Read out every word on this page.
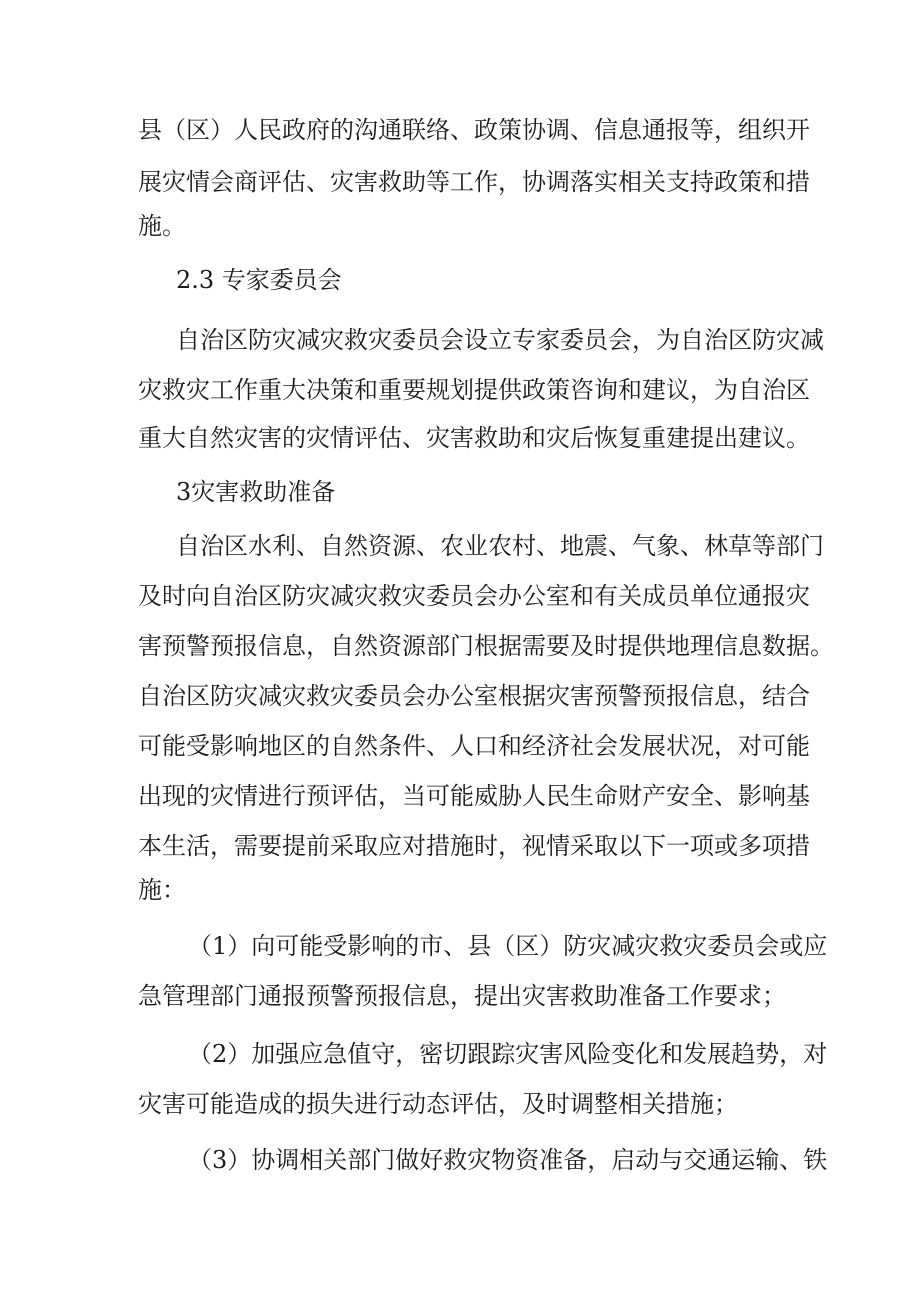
县（区）人民政府的沟通联络、政策协调、信息通报等，组织开
展灾情会商评估、灾害救助等工作，协调落实相关支持政策和措
施。
2.3 专家委员会
自治区防灾减灾救灾委员会设立专家委员会，为自治区防灾减
灾救灾工作重大决策和重要规划提供政策咨询和建议，为自治区
重大自然灾害的灾情评估、灾害救助和灾后恢复重建提出建议。
3灾害救助准备
自治区水利、自然资源、农业农村、地震、气象、林草等部门
及时向自治区防灾减灾救灾委员会办公室和有关成员单位通报灾
害预警预报信息，自然资源部门根据需要及时提供地理信息数据。
自治区防灾减灾救灾委员会办公室根据灾害预警预报信息，结合
可能受影响地区的自然条件、人口和经济社会发展状况，对可能
出现的灾情进行预评估，当可能威胁人民生命财产安全、影响基
本生活，需要提前采取应对措施时，视情采取以下一项或多项措
施：
（1）向可能受影响的市、县（区）防灾减灾救灾委员会或应
急管理部门通报预警预报信息，提出灾害救助准备工作要求；
（2）加强应急值守，密切跟踪灾害风险变化和发展趋势，对
灾害可能造成的损失进行动态评估，及时调整相关措施；
（3）协调相关部门做好救灾物资准备，启动与交通运输、铁
